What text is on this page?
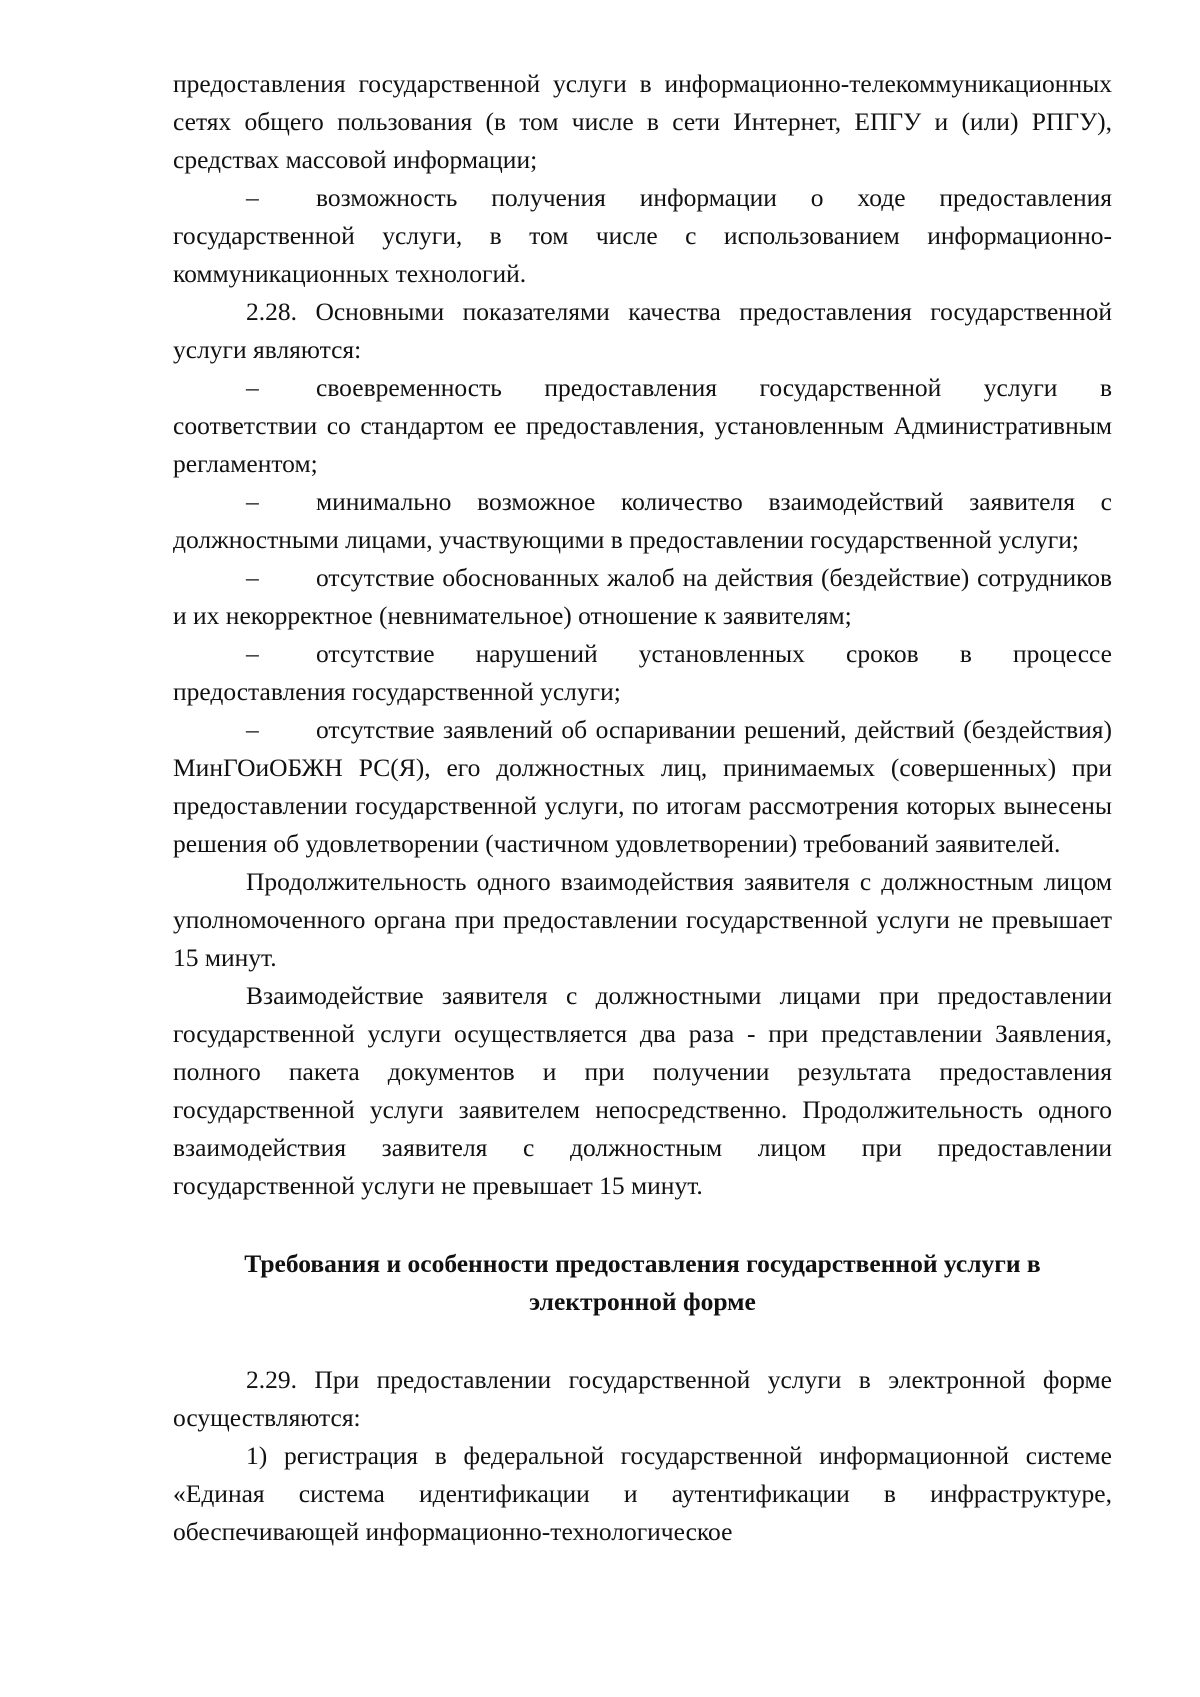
предоставления государственной услуги в информационно-телекоммуникационных сетях общего пользования (в том числе в сети Интернет, ЕПГУ и (или) РПГУ), средствах массовой информации;

– возможность получения информации о ходе предоставления государственной услуги, в том числе с использованием информационно-коммуникационных технологий.

2.28. Основными показателями качества предоставления государственной услуги являются:

– своевременность предоставления государственной услуги в соответствии со стандартом ее предоставления, установленным Административным регламентом;

– минимально возможное количество взаимодействий заявителя с должностными лицами, участвующими в предоставлении государственной услуги;

– отсутствие обоснованных жалоб на действия (бездействие) сотрудников и их некорректное (невнимательное) отношение к заявителям;

– отсутствие нарушений установленных сроков в процессе предоставления государственной услуги;

– отсутствие заявлений об оспаривании решений, действий (бездействия) МинГОиОБЖН РС(Я), его должностных лиц, принимаемых (совершенных) при предоставлении государственной услуги, по итогам рассмотрения которых вынесены решения об удовлетворении (частичном удовлетворении) требований заявителей.

Продолжительность одного взаимодействия заявителя с должностным лицом уполномоченного органа при предоставлении государственной услуги не превышает 15 минут.

Взаимодействие заявителя с должностными лицами при предоставлении государственной услуги осуществляется два раза - при представлении Заявления, полного пакета документов и при получении результата предоставления государственной услуги заявителем непосредственно. Продолжительность одного взаимодействия заявителя с должностным лицом при предоставлении государственной услуги не превышает 15 минут.

Требования и особенности предоставления государственной услуги в электронной форме

2.29. При предоставлении государственной услуги в электронной форме осуществляются:

1) регистрация в федеральной государственной информационной системе «Единая система идентификации и аутентификации в инфраструктуре, обеспечивающей информационно-технологическое
